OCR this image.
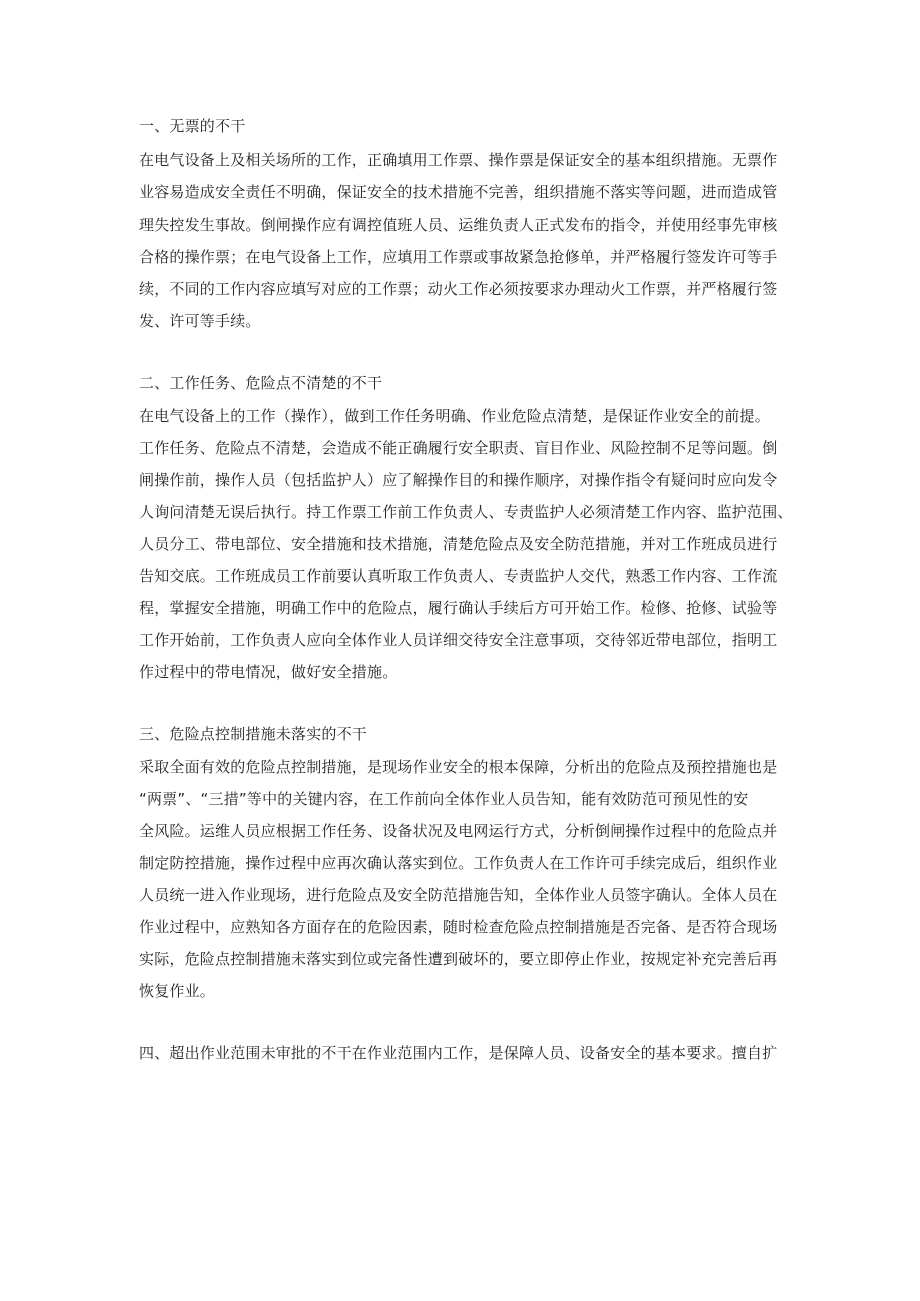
一、无票的不干

在电气设备上及相关场所的工作，正确填用工作票、操作票是保证安全的基本组织措施。无票作

业容易造成安全责任不明确，保证安全的技术措施不完善，组织措施不落实等问题，进而造成管

理失控发生事故。倒闸操作应有调控值班人员、运维负责人正式发布的指令，并使用经事先审核

合格的操作票；在电气设备上工作，应填用工作票或事故紧急抢修单，并严格履行签发许可等手

续，不同的工作内容应填写对应的工作票；动火工作必须按要求办理动火工作票，并严格履行签

发、许可等手续。

二、工作任务、危险点不清楚的不干

在电气设备上的工作（操作），做到工作任务明确、作业危险点清楚，是保证作业安全的前提。

工作任务、危险点不清楚，会造成不能正确履行安全职责、盲目作业、风险控制不足等问题。倒

闸操作前，操作人员（包括监护人）应了解操作目的和操作顺序，对操作指令有疑问时应向发令

人询问清楚无误后执行。持工作票工作前工作负责人、专责监护人必须清楚工作内容、监护范围、

人员分工、带电部位、安全措施和技术措施，清楚危险点及安全防范措施，并对工作班成员进行

告知交底。工作班成员工作前要认真听取工作负责人、专责监护人交代，熟悉工作内容、工作流

程，掌握安全措施，明确工作中的危险点，履行确认手续后方可开始工作。检修、抢修、试验等

工作开始前，工作负责人应向全体作业人员详细交待安全注意事项，交待邻近带电部位，指明工

作过程中的带电情况，做好安全措施。

三、危险点控制措施未落实的不干

采取全面有效的危险点控制措施，是现场作业安全的根本保障，分析出的危险点及预控措施也是

“两票”、“三措”等中的关键内容，在工作前向全体作业人员告知，能有效防范可预见性的安

全风险。运维人员应根据工作任务、设备状况及电网运行方式，分析倒闸操作过程中的危险点并

制定防控措施，操作过程中应再次确认落实到位。工作负责人在工作许可手续完成后，组织作业

人员统一进入作业现场，进行危险点及安全防范措施告知，全体作业人员签字确认。全体人员在

作业过程中，应熟知各方面存在的危险因素，随时检查危险点控制措施是否完备、是否符合现场

实际，危险点控制措施未落实到位或完备性遭到破坏的，要立即停止作业，按规定补充完善后再

恢复作业。

四、超出作业范围未审批的不干在作业范围内工作，是保障人员、设备安全的基本要求。擅自扩
